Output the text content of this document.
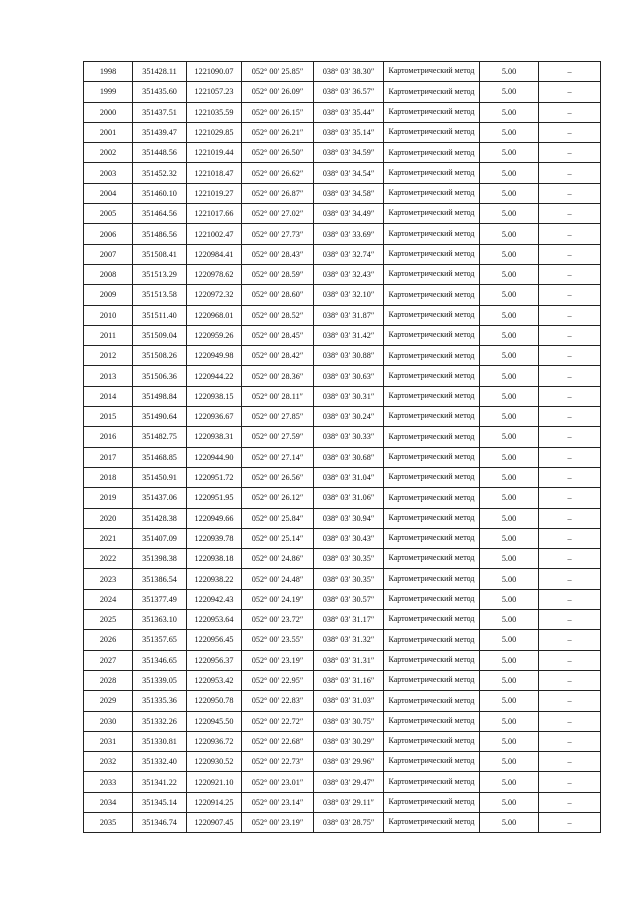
1998	351428.11	1221090.07	052° 00′ 25.85″	038° 03′ 38.30″	Картометрический метод	5.00	–
1999	351435.60	1221057.23	052° 00′ 26.09″	038° 03′ 36.57″	Картометрический метод	5.00	–
2000	351437.51	1221035.59	052° 00′ 26.15″	038° 03′ 35.44″	Картометрический метод	5.00	–
2001	351439.47	1221029.85	052° 00′ 26.21″	038° 03′ 35.14″	Картометрический метод	5.00	–
2002	351448.56	1221019.44	052° 00′ 26.50″	038° 03′ 34.59″	Картометрический метод	5.00	–
2003	351452.32	1221018.47	052° 00′ 26.62″	038° 03′ 34.54″	Картометрический метод	5.00	–
2004	351460.10	1221019.27	052° 00′ 26.87″	038° 03′ 34.58″	Картометрический метод	5.00	–
2005	351464.56	1221017.66	052° 00′ 27.02″	038° 03′ 34.49″	Картометрический метод	5.00	–
2006	351486.56	1221002.47	052° 00′ 27.73″	038° 03′ 33.69″	Картометрический метод	5.00	–
2007	351508.41	1220984.41	052° 00′ 28.43″	038° 03′ 32.74″	Картометрический метод	5.00	–
2008	351513.29	1220978.62	052° 00′ 28.59″	038° 03′ 32.43″	Картометрический метод	5.00	–
2009	351513.58	1220972.32	052° 00′ 28.60″	038° 03′ 32.10″	Картометрический метод	5.00	–
2010	351511.40	1220968.01	052° 00′ 28.52″	038° 03′ 31.87″	Картометрический метод	5.00	–
2011	351509.04	1220959.26	052° 00′ 28.45″	038° 03′ 31.42″	Картометрический метод	5.00	–
2012	351508.26	1220949.98	052° 00′ 28.42″	038° 03′ 30.88″	Картометрический метод	5.00	–
2013	351506.36	1220944.22	052° 00′ 28.36″	038° 03′ 30.63″	Картометрический метод	5.00	–
2014	351498.84	1220938.15	052° 00′ 28.11″	038° 03′ 30.31″	Картометрический метод	5.00	–
2015	351490.64	1220936.67	052° 00′ 27.85″	038° 03′ 30.24″	Картометрический метод	5.00	–
2016	351482.75	1220938.31	052° 00′ 27.59″	038° 03′ 30.33″	Картометрический метод	5.00	–
2017	351468.85	1220944.90	052° 00′ 27.14″	038° 03′ 30.68″	Картометрический метод	5.00	–
2018	351450.91	1220951.72	052° 00′ 26.56″	038° 03′ 31.04″	Картометрический метод	5.00	–
2019	351437.06	1220951.95	052° 00′ 26.12″	038° 03′ 31.06″	Картометрический метод	5.00	–
2020	351428.38	1220949.66	052° 00′ 25.84″	038° 03′ 30.94″	Картометрический метод	5.00	–
2021	351407.09	1220939.78	052° 00′ 25.14″	038° 03′ 30.43″	Картометрический метод	5.00	–
2022	351398.38	1220938.18	052° 00′ 24.86″	038° 03′ 30.35″	Картометрический метод	5.00	–
2023	351386.54	1220938.22	052° 00′ 24.48″	038° 03′ 30.35″	Картометрический метод	5.00	–
2024	351377.49	1220942.43	052° 00′ 24.19″	038° 03′ 30.57″	Картометрический метод	5.00	–
2025	351363.10	1220953.64	052° 00′ 23.72″	038° 03′ 31.17″	Картометрический метод	5.00	–
2026	351357.65	1220956.45	052° 00′ 23.55″	038° 03′ 31.32″	Картометрический метод	5.00	–
2027	351346.65	1220956.37	052° 00′ 23.19″	038° 03′ 31.31″	Картометрический метод	5.00	–
2028	351339.05	1220953.42	052° 00′ 22.95″	038° 03′ 31.16″	Картометрический метод	5.00	–
2029	351335.36	1220950.78	052° 00′ 22.83″	038° 03′ 31.03″	Картометрический метод	5.00	–
2030	351332.26	1220945.50	052° 00′ 22.72″	038° 03′ 30.75″	Картометрический метод	5.00	–
2031	351330.81	1220936.72	052° 00′ 22.68″	038° 03′ 30.29″	Картометрический метод	5.00	–
2032	351332.40	1220930.52	052° 00′ 22.73″	038° 03′ 29.96″	Картометрический метод	5.00	–
2033	351341.22	1220921.10	052° 00′ 23.01″	038° 03′ 29.47″	Картометрический метод	5.00	–
2034	351345.14	1220914.25	052° 00′ 23.14″	038° 03′ 29.11″	Картометрический метод	5.00	–
2035	351346.74	1220907.45	052° 00′ 23.19″	038° 03′ 28.75″	Картометрический метод	5.00	–
